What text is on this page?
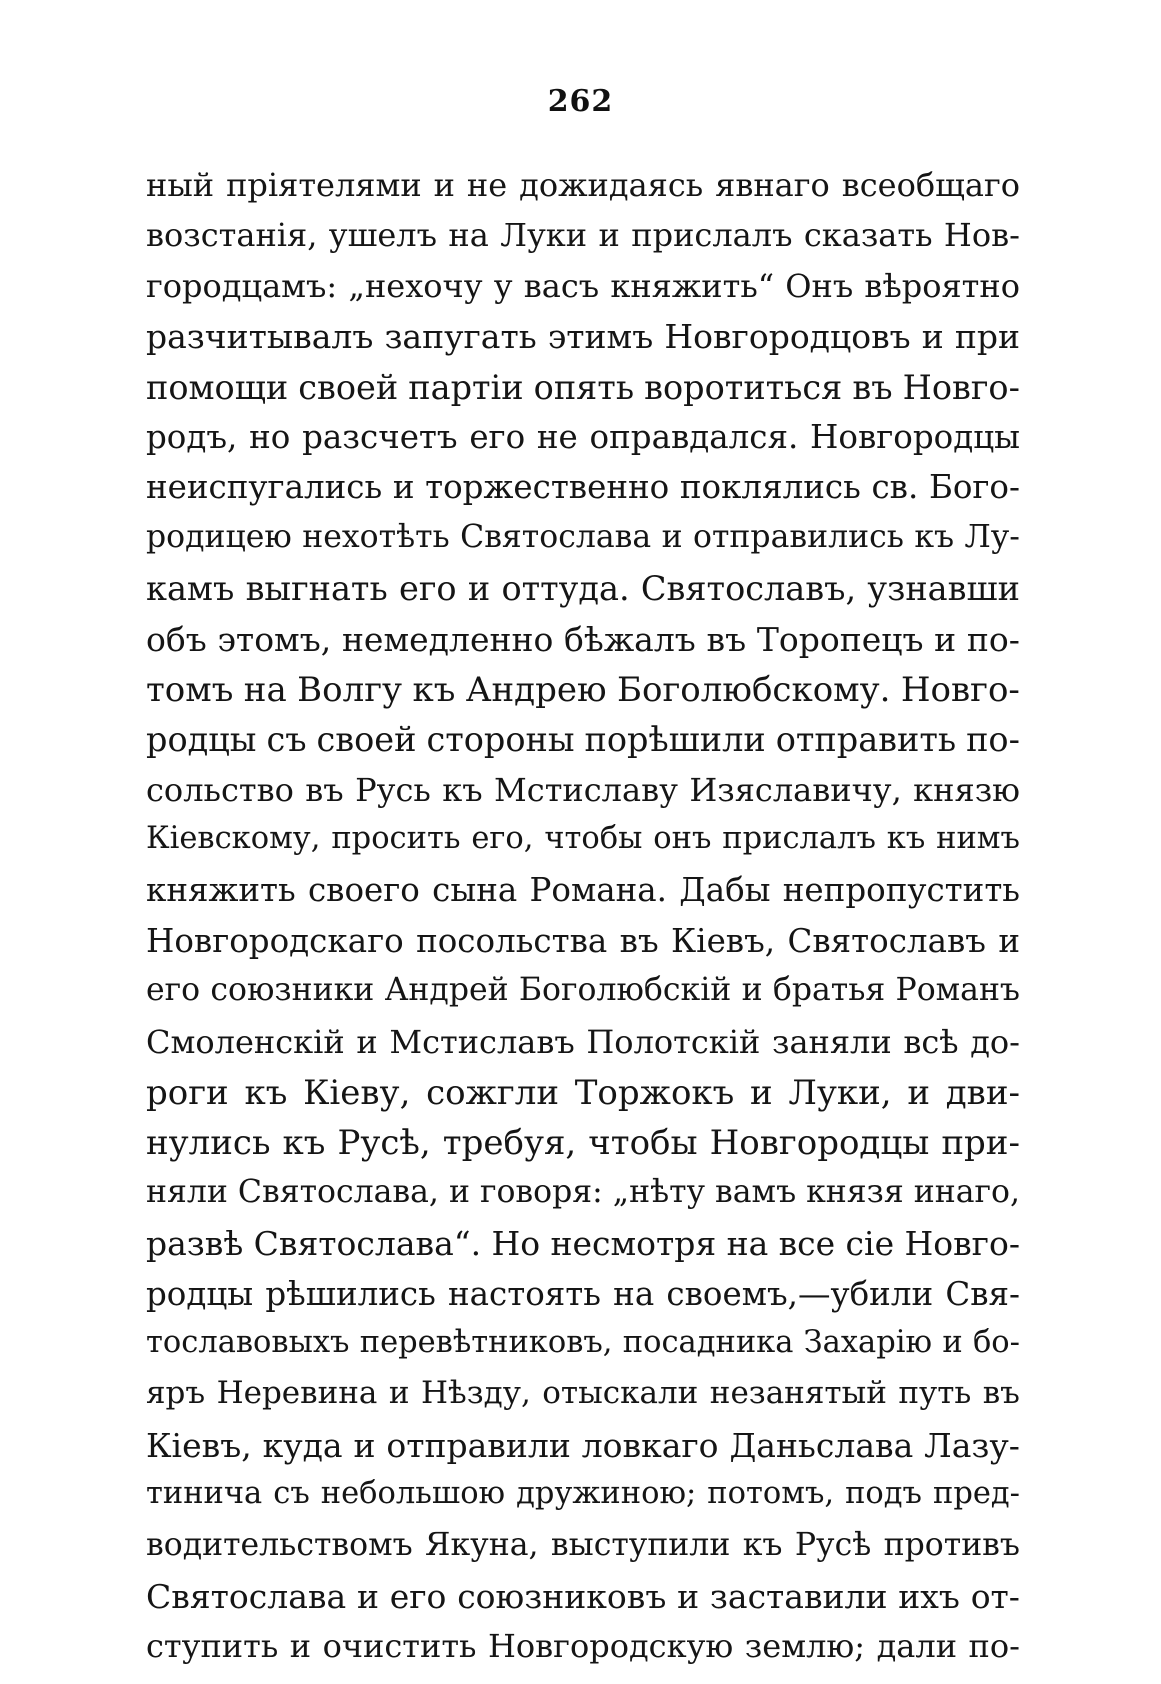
262
ный пріятелями и не дожидаясь явнаго всеобщаго
возстанія, ушелъ на Луки и прислалъ сказать Нов-
городцамъ: „нехочу у васъ княжить“ Онъ вѣроятно
разчитывалъ запугать этимъ Новгородцовъ и при
помощи своей партіи опять воротиться въ Новго-
родъ, но разсчетъ его не оправдался. Новгородцы
неиспугались и торжественно поклялись св. Бого-
родицею нехотѣть Святослава и отправились къ Лу-
камъ выгнать его и оттуда. Святославъ, узнавши
объ этомъ, немедленно бѣжалъ въ Торопецъ и по-
томъ на Волгу къ Андрею Боголюбскому. Новго-
родцы съ своей стороны порѣшили отправить по-
сольство въ Русь къ Мстиславу Изяславичу, князю
Кіевскому, просить его, чтобы онъ прислалъ къ нимъ
княжить своего сына Романа. Дабы непропустить
Новгородскаго посольства въ Кіевъ, Святославъ и
его союзники Андрей Боголюбскій и братья Романъ
Смоленскій и Мстиславъ Полотскій заняли всѣ до-
роги къ Кіеву, сожгли Торжокъ и Луки, и дви-
нулись къ Русѣ, требуя, чтобы Новгородцы при-
няли Святослава, и говоря: „нѣту вамъ князя инаго,
развѣ Святослава“. Но несмотря на все сіе Новго-
родцы рѣшились настоять на своемъ,—убили Свя-
тославовыхъ перевѣтниковъ, посадника Захарію и бо-
яръ Неревина и Нѣзду, отыскали незанятый путь въ
Кіевъ, куда и отправили ловкаго Даньслава Лазу-
тинича съ небольшою дружиною; потомъ, подъ пред-
водительствомъ Якуна, выступили къ Русѣ противъ
Святослава и его союзниковъ и заставили ихъ от-
ступить и очистить Новгородскую землю; дали по-
